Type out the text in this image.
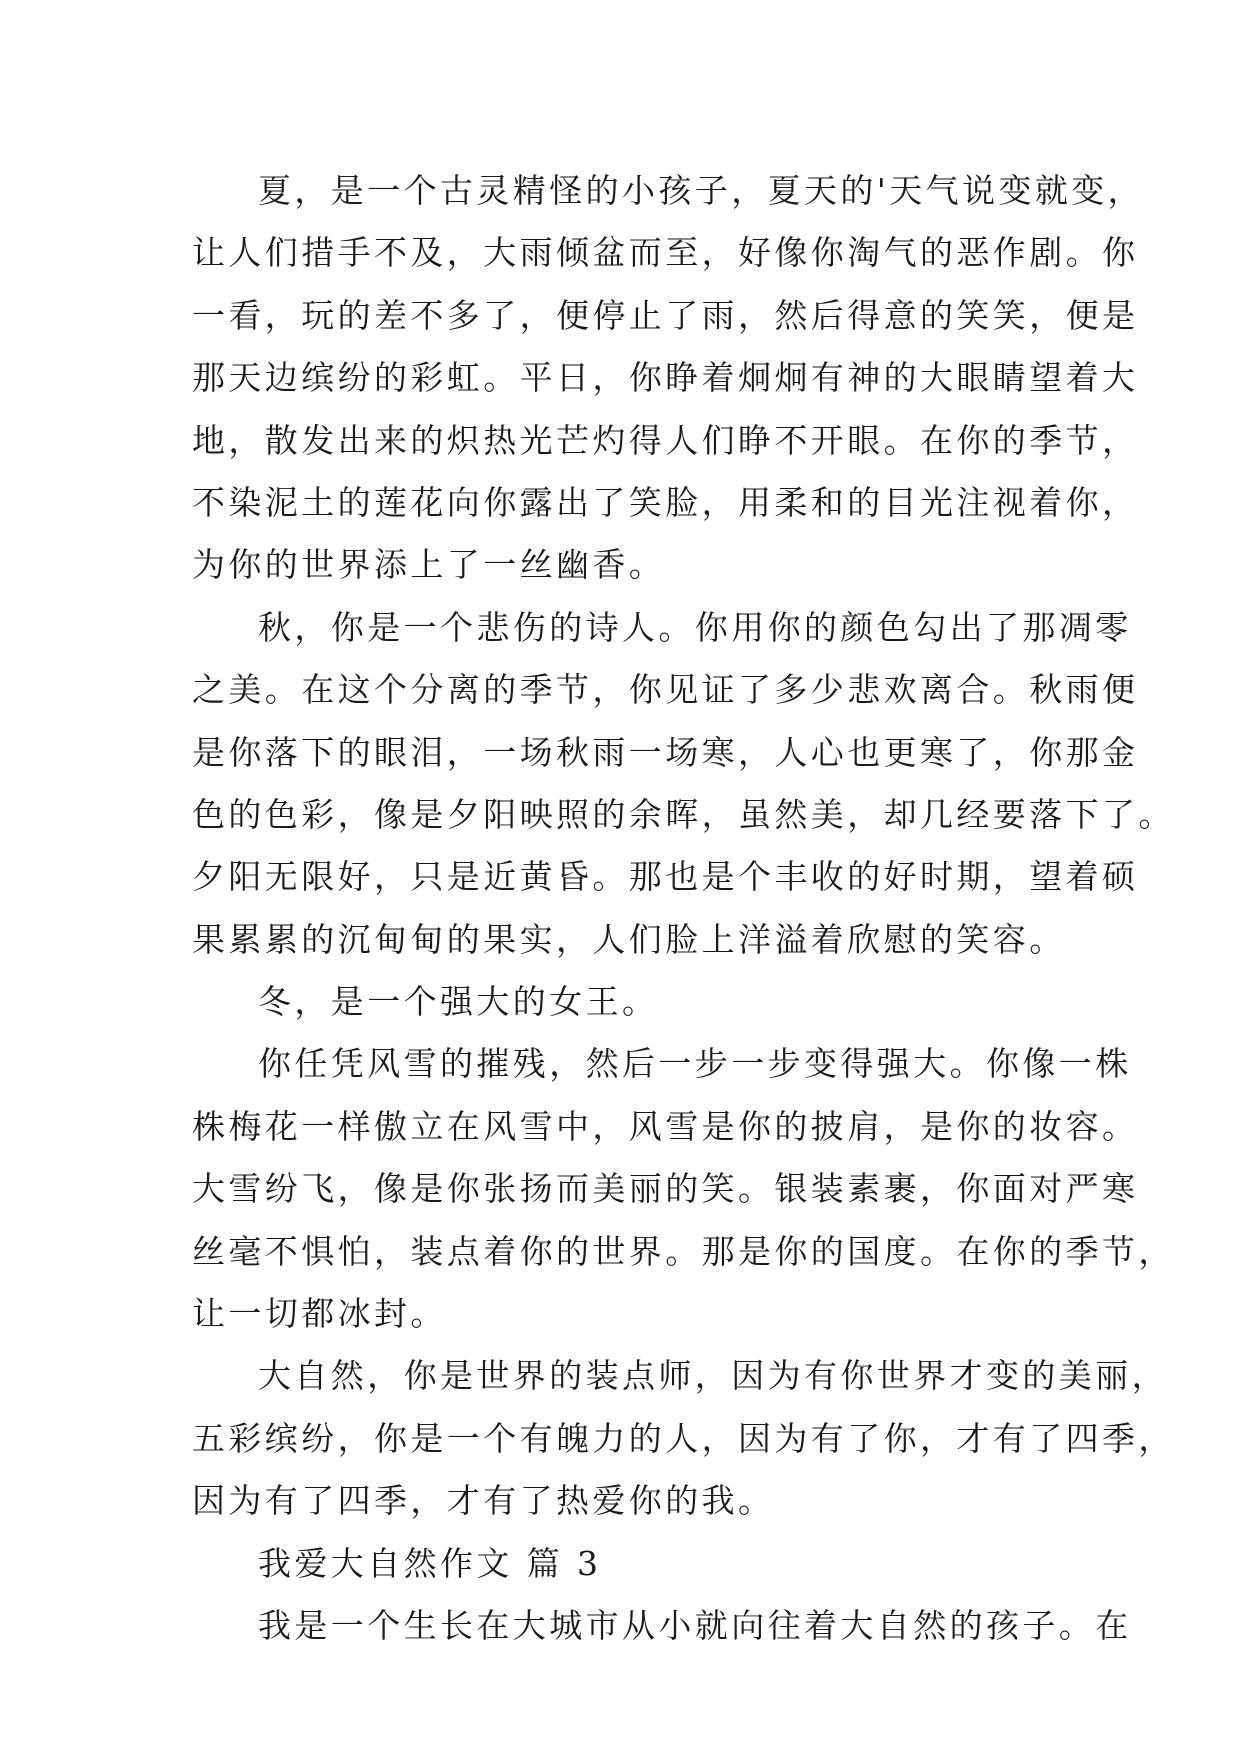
夏，是一个古灵精怪的小孩子，夏天的'天气说变就变，
让人们措手不及，大雨倾盆而至，好像你淘气的恶作剧。你
一看，玩的差不多了，便停止了雨，然后得意的笑笑，便是
那天边缤纷的彩虹。平日，你睁着炯炯有神的大眼睛望着大
地，散发出来的炽热光芒灼得人们睁不开眼。在你的季节，
不染泥土的莲花向你露出了笑脸，用柔和的目光注视着你，
为你的世界添上了一丝幽香。
秋，你是一个悲伤的诗人。你用你的颜色勾出了那凋零
之美。在这个分离的季节，你见证了多少悲欢离合。秋雨便
是你落下的眼泪，一场秋雨一场寒，人心也更寒了，你那金
色的色彩，像是夕阳映照的余晖，虽然美，却几经要落下了。
夕阳无限好，只是近黄昏。那也是个丰收的好时期，望着硕
果累累的沉甸甸的果实，人们脸上洋溢着欣慰的笑容。
冬，是一个强大的女王。
你任凭风雪的摧残，然后一步一步变得强大。你像一株
株梅花一样傲立在风雪中，风雪是你的披肩，是你的妆容。
大雪纷飞，像是你张扬而美丽的笑。银装素裹，你面对严寒
丝毫不惧怕，装点着你的世界。那是你的国度。在你的季节，
让一切都冰封。
大自然，你是世界的装点师，因为有你世界才变的美丽，
五彩缤纷，你是一个有魄力的人，因为有了你，才有了四季，
因为有了四季，才有了热爱你的我。
我爱大自然作文 篇 3
我是一个生长在大城市从小就向往着大自然的孩子。在
